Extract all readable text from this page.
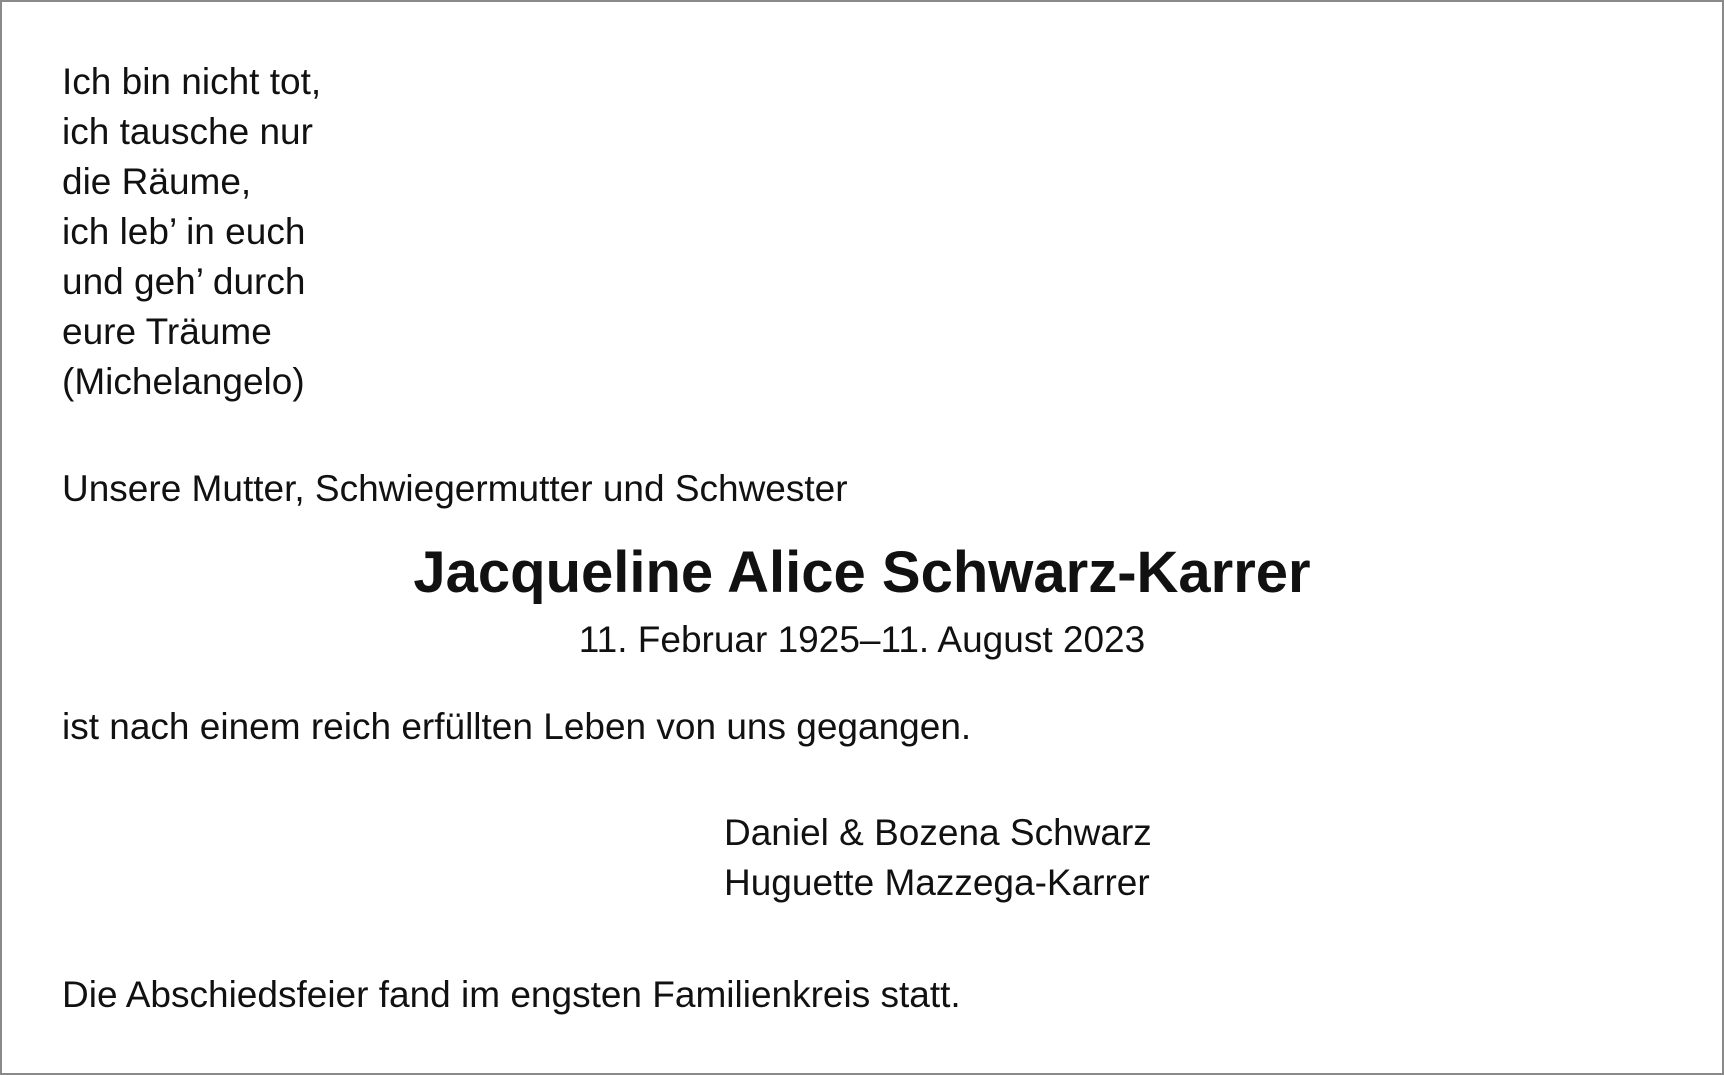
Ich bin nicht tot,
ich tausche nur
die Räume,
ich leb’ in euch
und geh’ durch
eure Träume
(Michelangelo)
Unsere Mutter, Schwiegermutter und Schwester
Jacqueline Alice Schwarz-Karrer
11. Februar 1925–11. August 2023
ist nach einem reich erfüllten Leben von uns gegangen.
Daniel & Bozena Schwarz
Huguette Mazzega-Karrer
Die Abschiedsfeier fand im engsten Familienkreis statt.
